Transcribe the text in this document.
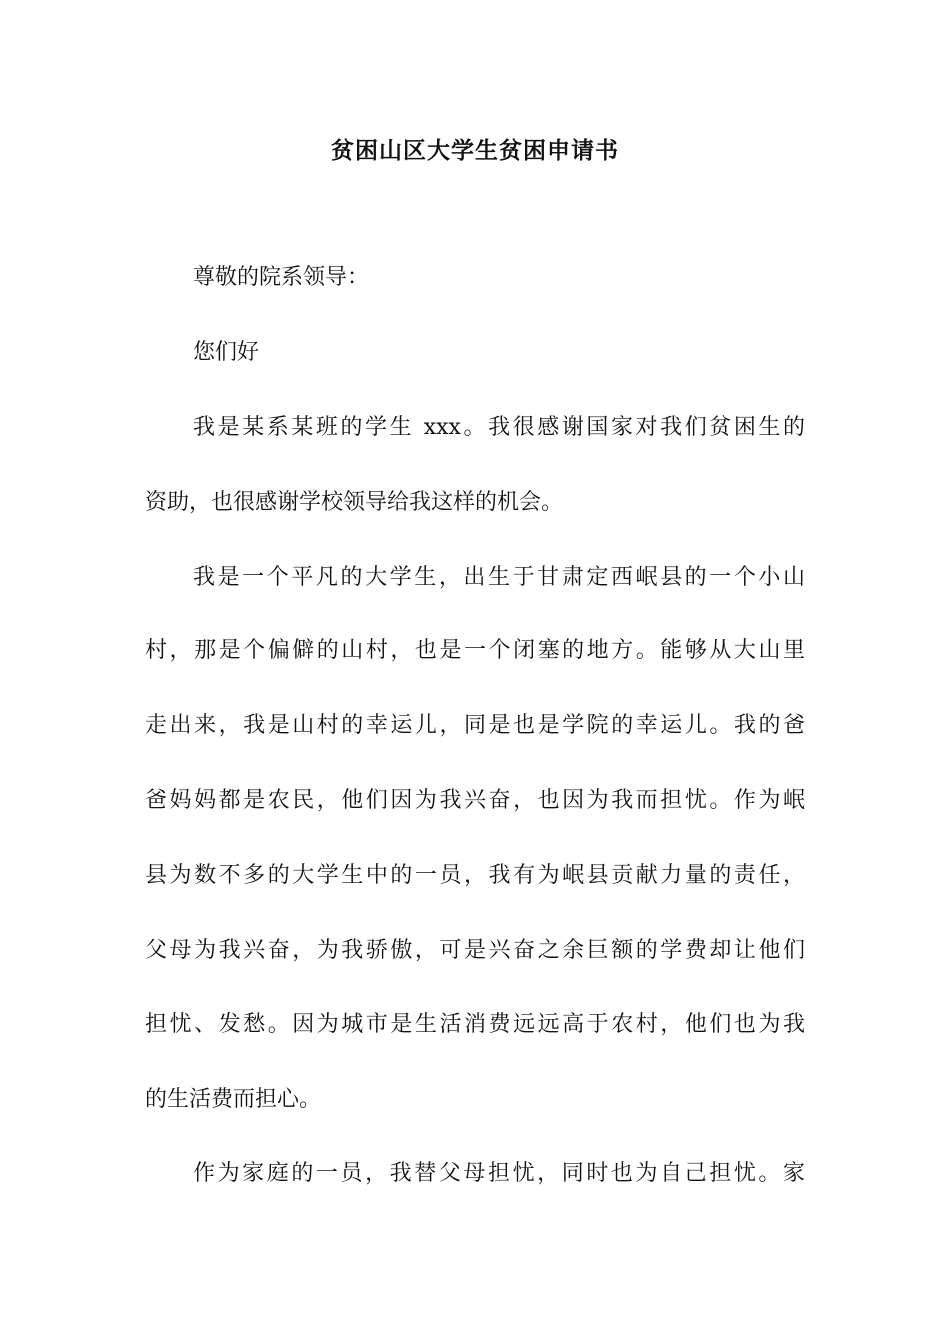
贫困山区大学生贫困申请书
尊敬的院系领导：
您们好
我是某系某班的学生 xxx。我很感谢国家对我们贫困生的
资助，也很感谢学校领导给我这样的机会。
我是一个平凡的大学生，出生于甘肃定西岷县的一个小山
村，那是个偏僻的山村，也是一个闭塞的地方。能够从大山里
走出来，我是山村的幸运儿，同是也是学院的幸运儿。我的爸
爸妈妈都是农民，他们因为我兴奋，也因为我而担忧。作为岷
县为数不多的大学生中的一员，我有为岷县贡献力量的责任，
父母为我兴奋，为我骄傲，可是兴奋之余巨额的学费却让他们
担忧、发愁。因为城市是生活消费远远高于农村，他们也为我
的生活费而担心。
作为家庭的一员，我替父母担忧，同时也为自己担忧。家
